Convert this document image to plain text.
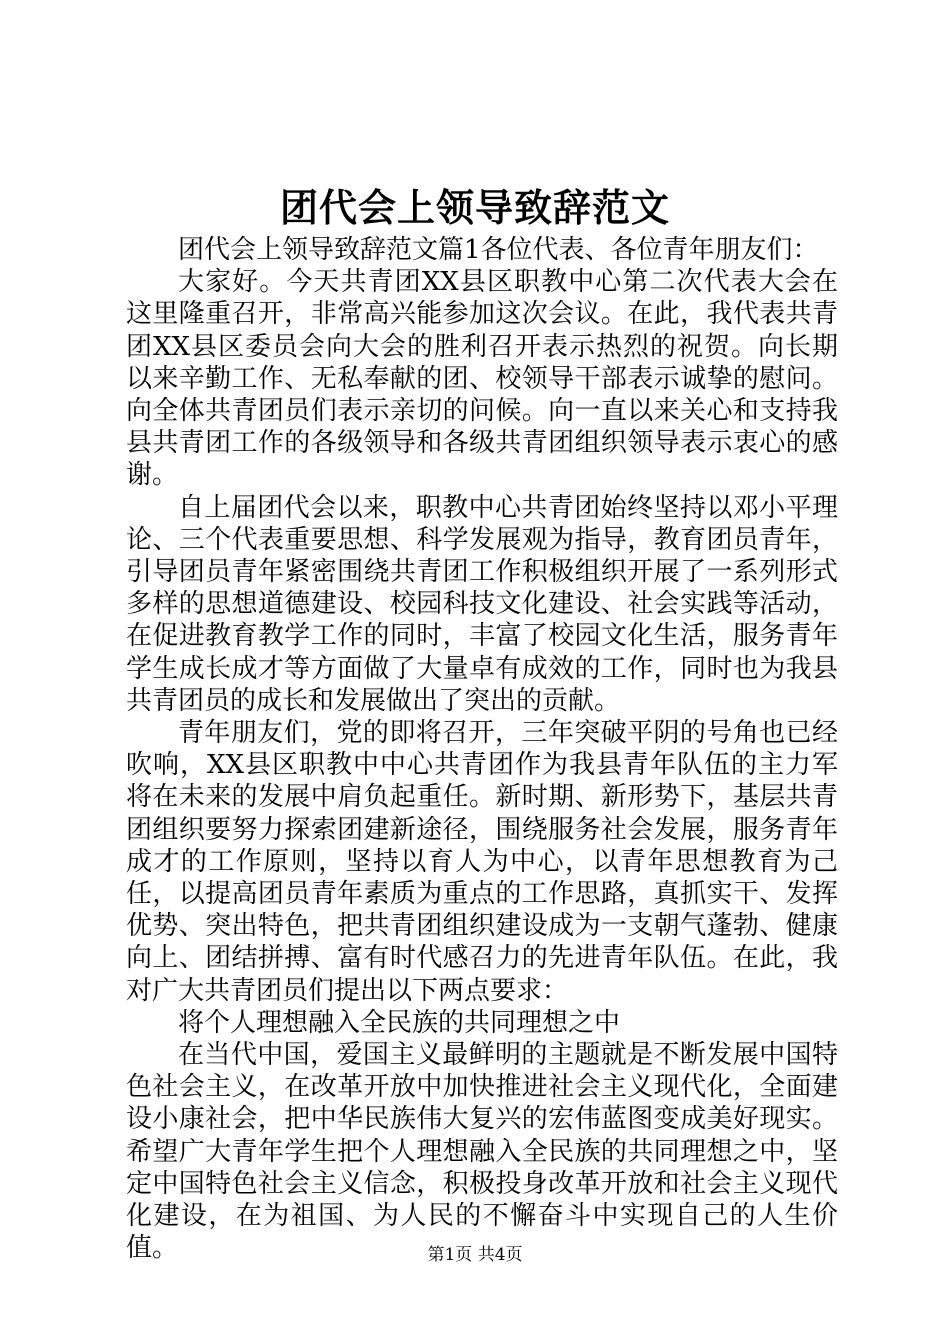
团代会上领导致辞范文

团代会上领导致辞范文篇1各位代表、各位青年朋友们：

大家好。今天共青团XX县区职教中心第二次代表大会在这里隆重召开，非常高兴能参加这次会议。在此，我代表共青团XX县区委员会向大会的胜利召开表示热烈的祝贺。向长期以来辛勤工作、无私奉献的团、校领导干部表示诚挚的慰问。向全体共青团员们表示亲切的问候。向一直以来关心和支持我县共青团工作的各级领导和各级共青团组织领导表示衷心的感谢。

自上届团代会以来，职教中心共青团始终坚持以邓小平理论、三个代表重要思想、科学发展观为指导，教育团员青年，引导团员青年紧密围绕共青团工作积极组织开展了一系列形式多样的思想道德建设、校园科技文化建设、社会实践等活动，在促进教育教学工作的同时，丰富了校园文化生活，服务青年学生成长成才等方面做了大量卓有成效的工作，同时也为我县共青团员的成长和发展做出了突出的贡献。

青年朋友们，党的即将召开，三年突破平阴的号角也已经吹响，XX县区职教中中心共青团作为我县青年队伍的主力军将在未来的发展中肩负起重任。新时期、新形势下，基层共青团组织要努力探索团建新途径，围绕服务社会发展，服务青年成才的工作原则，坚持以育人为中心，以青年思想教育为己任，以提高团员青年素质为重点的工作思路，真抓实干、发挥优势、突出特色，把共青团组织建设成为一支朝气蓬勃、健康向上、团结拼搏、富有时代感召力的先进青年队伍。在此，我对广大共青团员们提出以下两点要求：

将个人理想融入全民族的共同理想之中

在当代中国，爱国主义最鲜明的主题就是不断发展中国特色社会主义，在改革开放中加快推进社会主义现代化，全面建设小康社会，把中华民族伟大复兴的宏伟蓝图变成美好现实。希望广大青年学生把个人理想融入全民族的共同理想之中，坚定中国特色社会主义信念，积极投身改革开放和社会主义现代化建设，在为祖国、为人民的不懈奋斗中实现自己的人生价值。	第1页 共4页
